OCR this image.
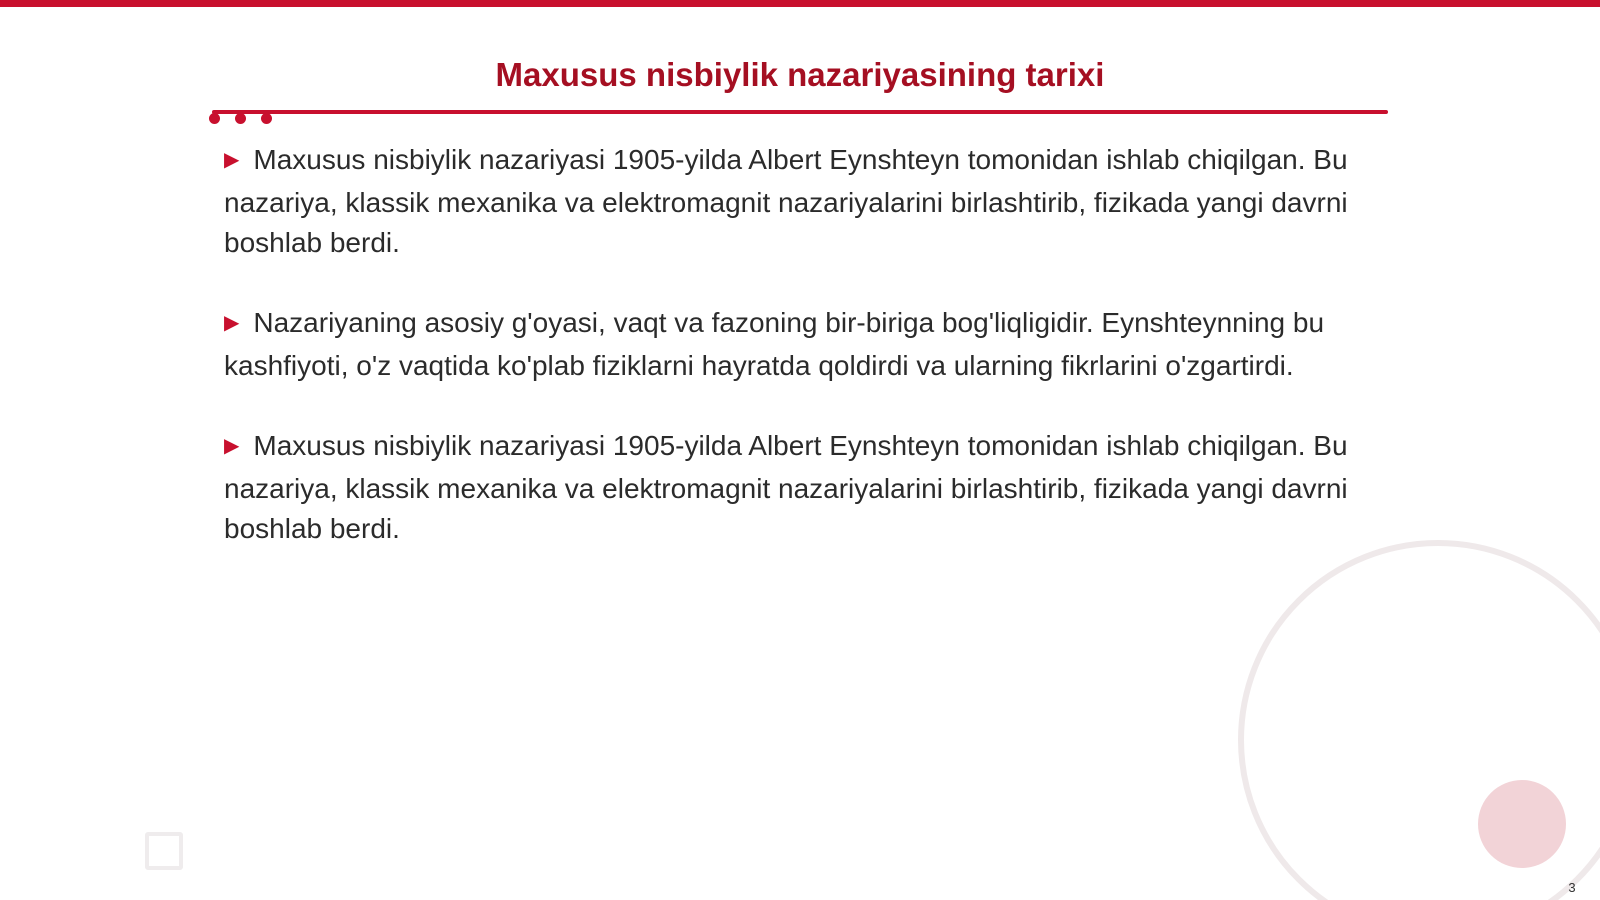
Maxusus nisbiylik nazariyasining tarixi

▶ Maxusus nisbiylik nazariyasi 1905-yilda Albert Eynshteyn tomonidan ishlab chiqilgan. Bu nazariya, klassik mexanika va elektromagnit nazariyalarini birlashtirib, fizikada yangi davrni boshlab berdi.

▶ Nazariyaning asosiy g'oyasi, vaqt va fazoning bir-biriga bog'liqligidir. Eynshteynning bu kashfiyoti, o'z vaqtida ko'plab fiziklarni hayratda qoldirdi va ularning fikrlarini o'zgartirdi.

▶ Maxusus nisbiylik nazariyasi 1905-yilda Albert Eynshteyn tomonidan ishlab chiqilgan. Bu nazariya, klassik mexanika va elektromagnit nazariyalarini birlashtirib, fizikada yangi davrni boshlab berdi.

3
